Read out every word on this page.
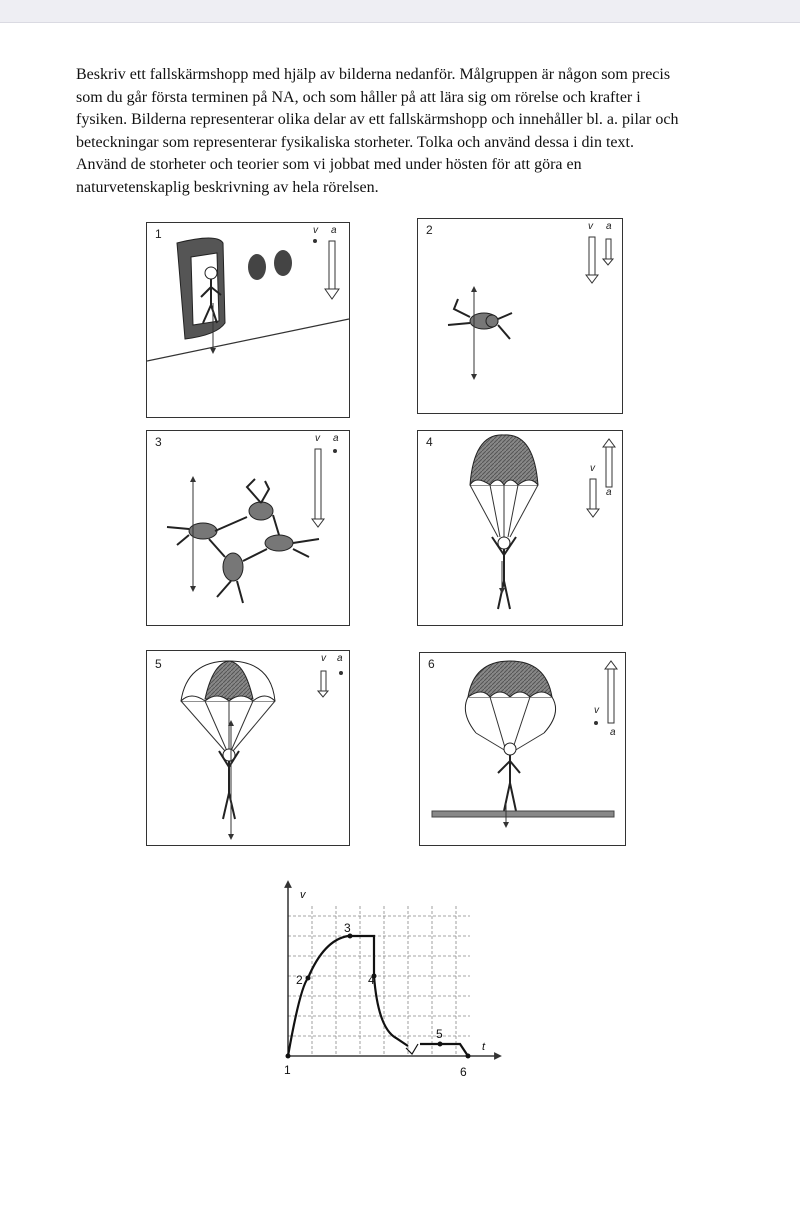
Beskriv ett fallskärmshopp med hjälp av bilderna nedanför. Målgruppen är någon som precis
som du går första terminen på NA, och som håller på att lära sig om rörelse och krafter i
fysiken. Bilderna representerar olika delar av ett fallskärmshopp och innehåller bl. a. pilar och
beteckningar som representerar fysikaliska storheter. Tolka och använd dessa i din text.
Använd de storheter och teorier som vi jobbat med under hösten för att göra en
naturvetenskaplig beskrivning av hela rörelsen.
1	v a	2	v a
3	v a	4
v
a
5	v a	6
v
a
v
t
1
2
3
4
5
6
